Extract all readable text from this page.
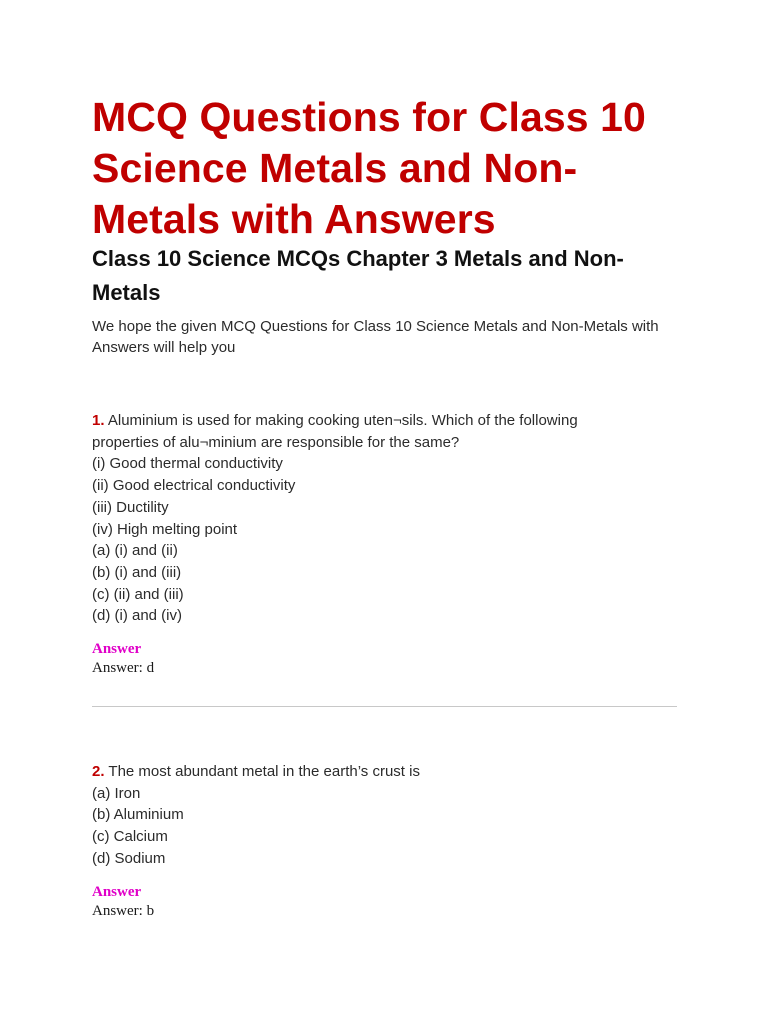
MCQ Questions for Class 10 Science Metals and Non-Metals with Answers
Class 10 Science MCQs Chapter 3 Metals and Non-Metals

We hope the given MCQ Questions for Class 10 Science Metals and Non-Metals with Answers will help you

1. Aluminium is used for making cooking uten¬sils. Which of the following
properties of alu¬minium are responsible for the same?
(i) Good thermal conductivity
(ii) Good electrical conductivity
(iii) Ductility
(iv) High melting point
(a) (i) and (ii)
(b) (i) and (iii)
(c) (ii) and (iii)
(d) (i) and (iv)
Answer
Answer: d
2. The most abundant metal in the earth’s crust is
(a) Iron
(b) Aluminium
(c) Calcium
(d) Sodium
Answer
Answer: b
